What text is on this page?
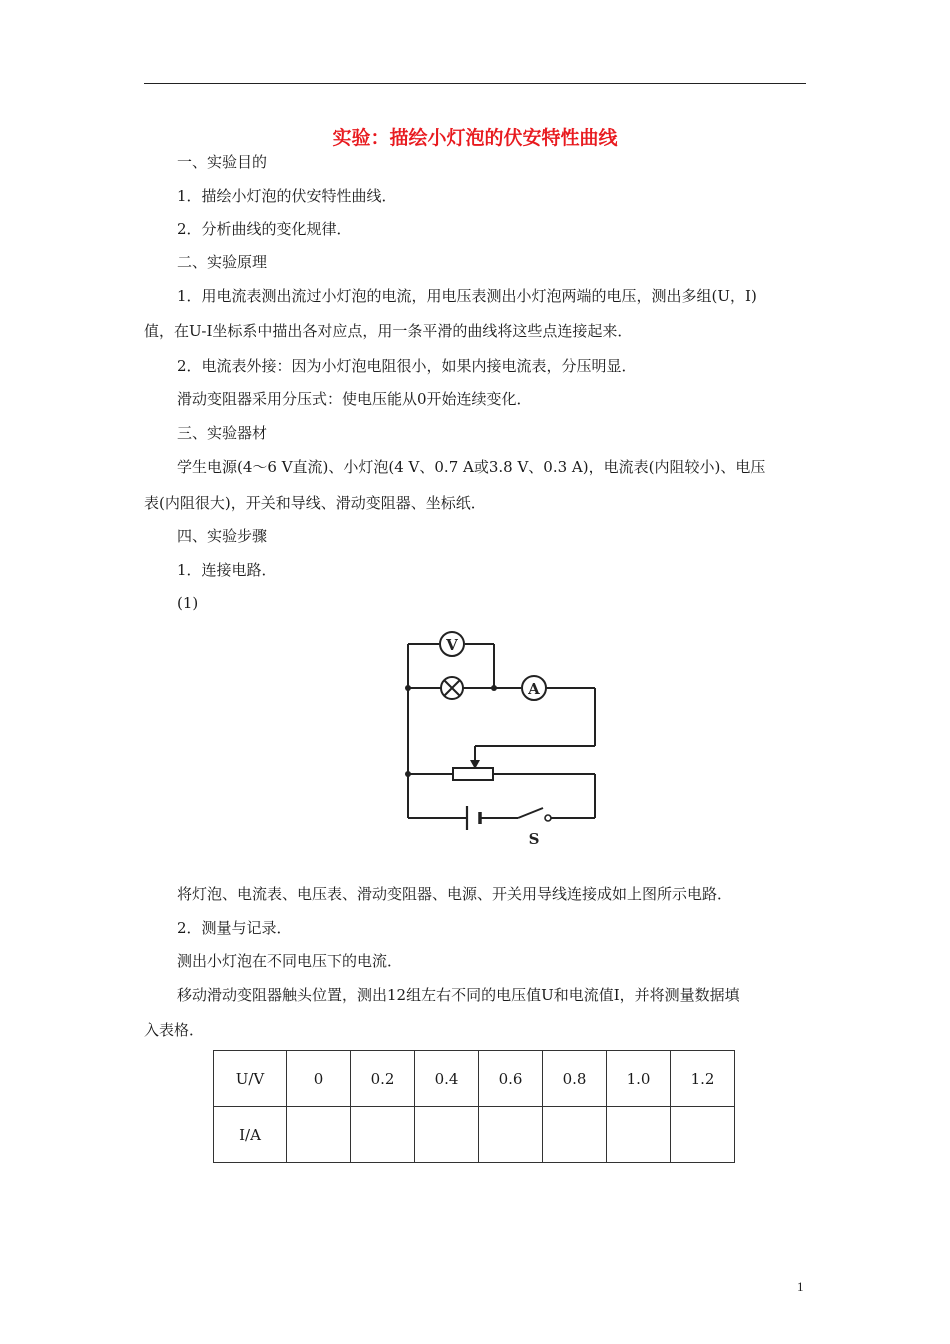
实验：描绘小灯泡的伏安特性曲线
一、实验目的
1．描绘小灯泡的伏安特性曲线．
2．分析曲线的变化规律．
二、实验原理
1．用电流表测出流过小灯泡的电流，用电压表测出小灯泡两端的电压，测出多组(U，I)
值，在U-I坐标系中描出各对应点，用一条平滑的曲线将这些点连接起来．
2．电流表外接：因为小灯泡电阻很小，如果内接电流表，分压明显．
滑动变阻器采用分压式：使电压能从0开始连续变化．
三、实验器材
学生电源(4～6 V直流)、小灯泡(4 V、0.7 A或3.8 V、0.3 A)，电流表(内阻较小)、电压
表(内阻很大)，开关和导线、滑动变阻器、坐标纸．
四、实验步骤
1．连接电路．
(1)
V
A
S
将灯泡、电流表、电压表、滑动变阻器、电源、开关用导线连接成如上图所示电路．
2．测量与记录．
测出小灯泡在不同电压下的电流．
移动滑动变阻器触头位置，测出12组左右不同的电压值U和电流值I，并将测量数据填
入表格．
U/V	0	0.2	0.4	0.6	0.8	1.0	1.2
I/A							
1
